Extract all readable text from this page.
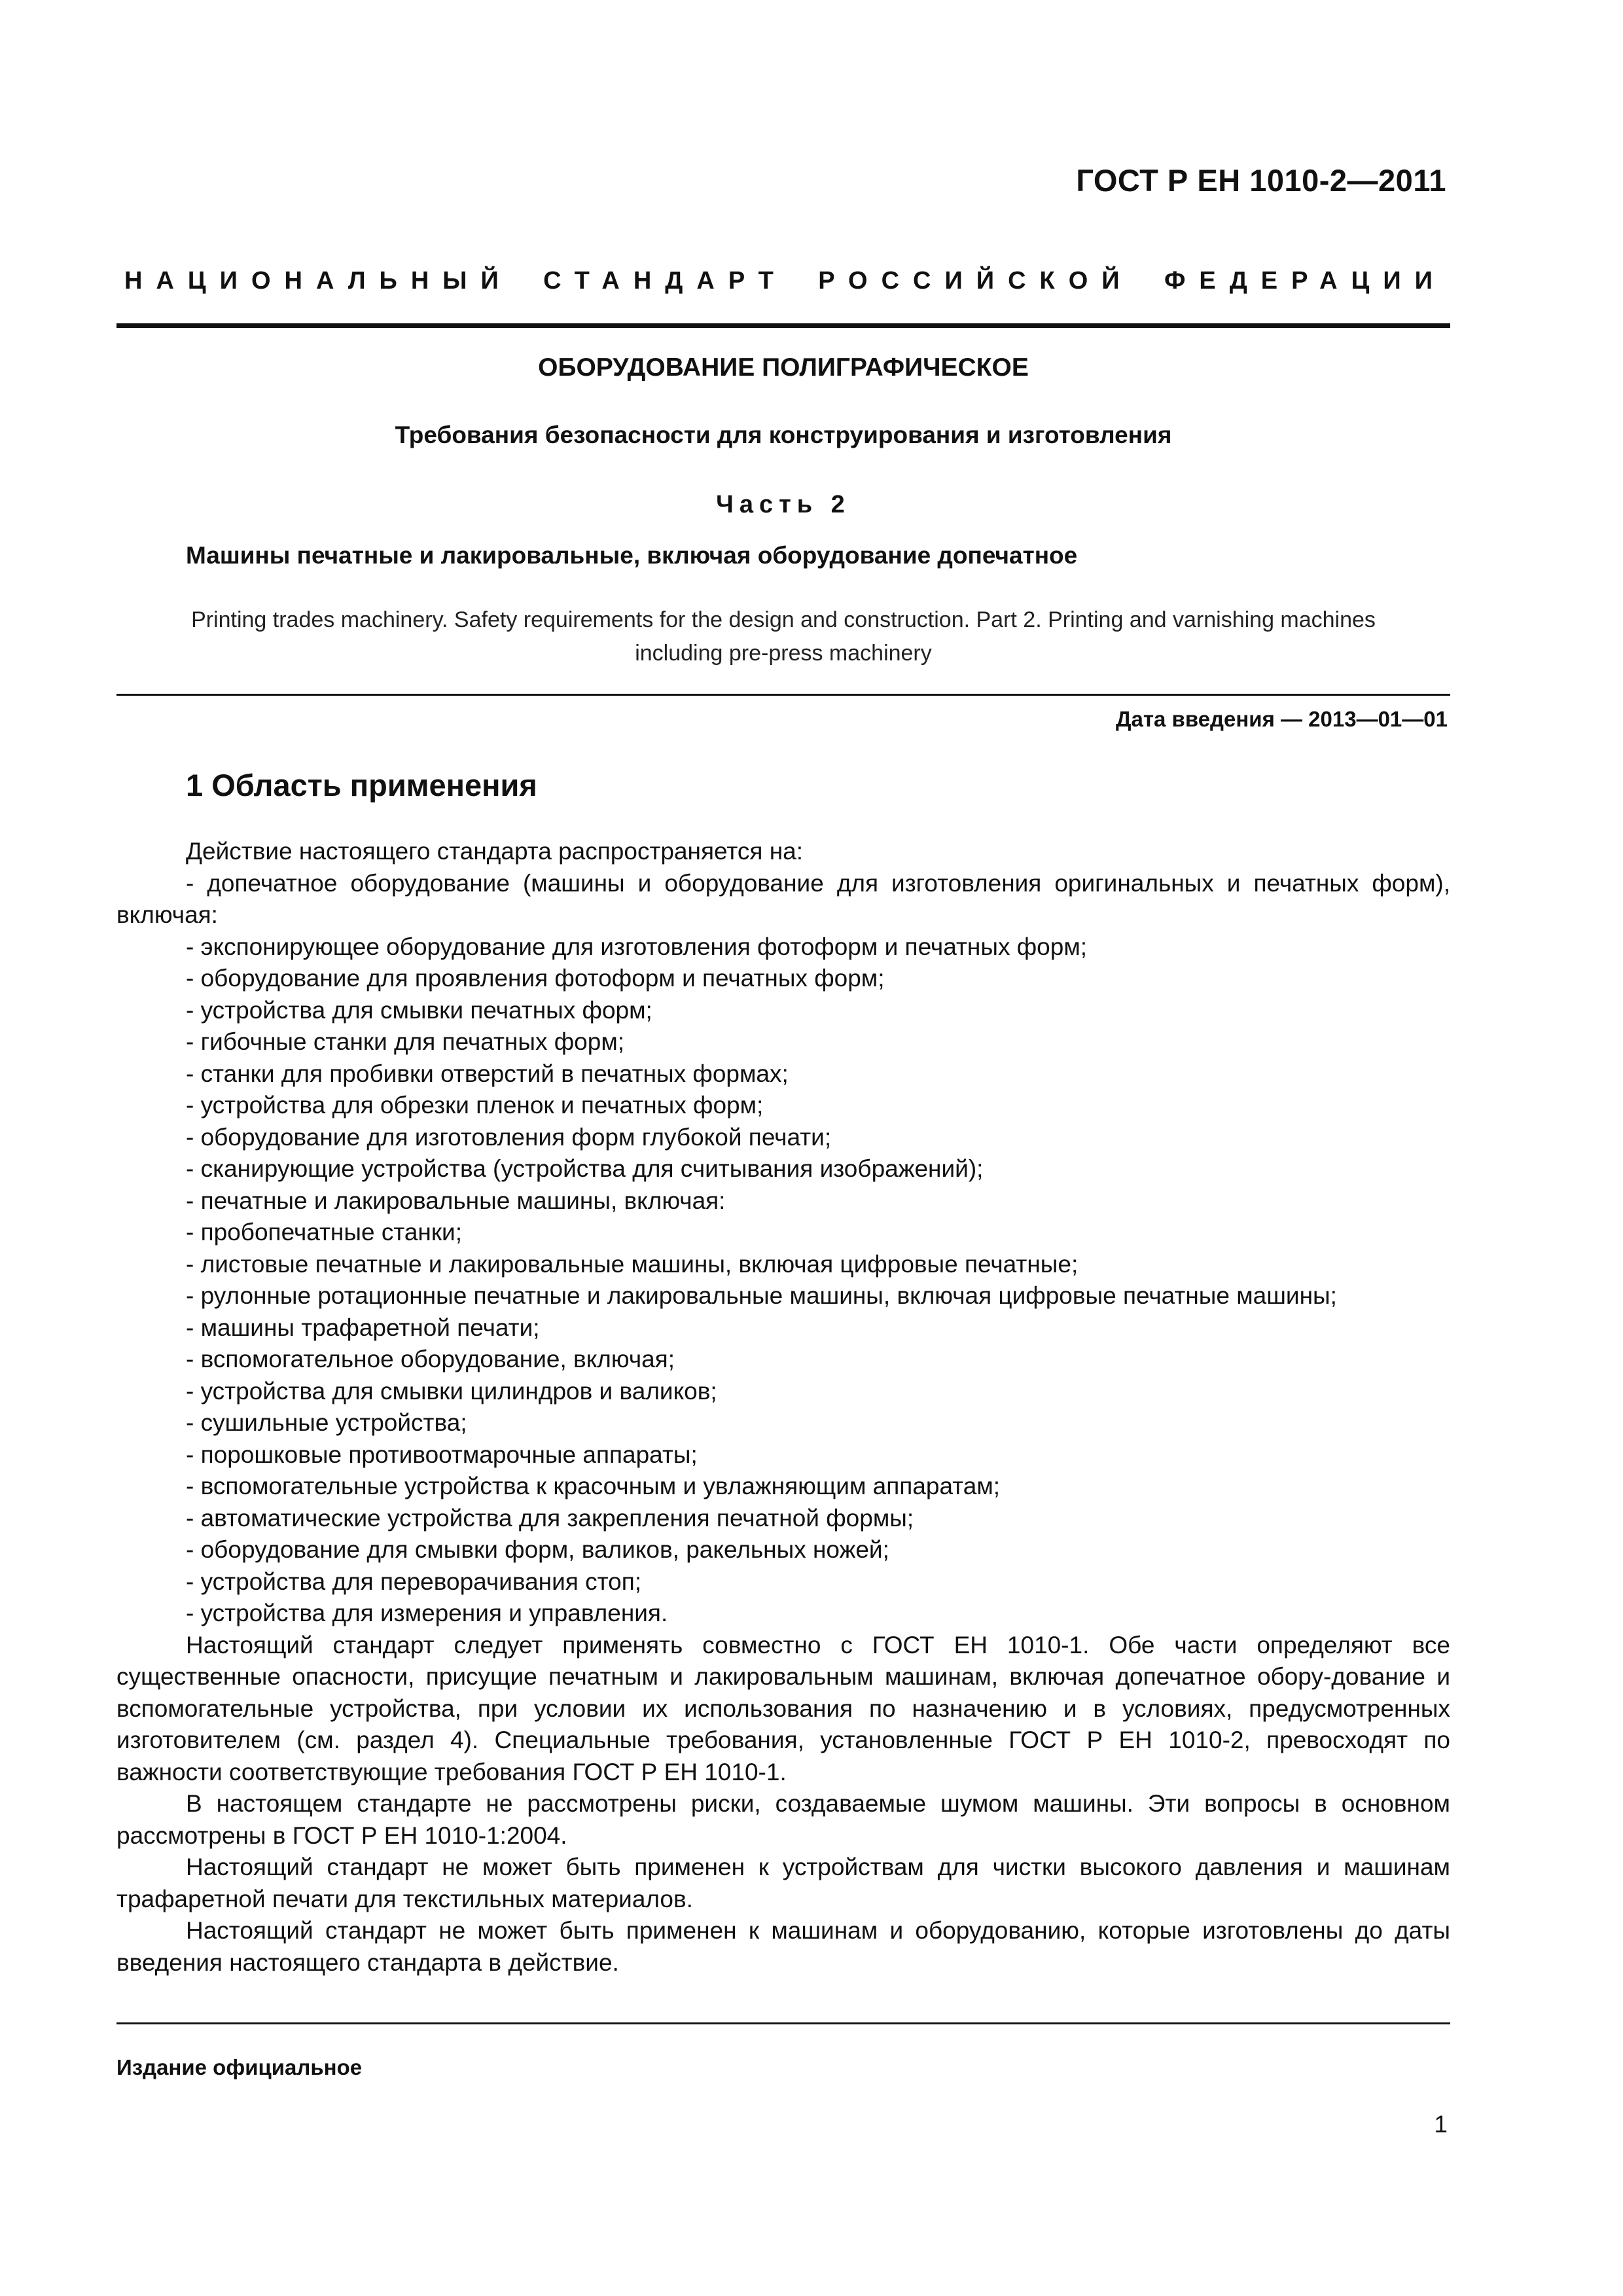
ГОСТ Р ЕН 1010-2—2011
НАЦИОНАЛЬНЫЙ СТАНДАРТ РОССИЙСКОЙ ФЕДЕРАЦИИ
ОБОРУДОВАНИЕ ПОЛИГРАФИЧЕСКОЕ
Требования безопасности для конструирования и изготовления
Часть 2
Машины печатные и лакировальные, включая оборудование допечатное
Printing trades machinery. Safety requirements for the design and construction. Part 2. Printing and varnishing machines
including pre-press machinery
Дата введения — 2013—01—01
1 Область применения

Действие настоящего стандарта распространяется на:

- допечатное оборудование (машины и оборудование для изготовления оригинальных и печатных форм), включая:

- экспонирующее оборудование для изготовления фотоформ и печатных форм;

- оборудование для проявления фотоформ и печатных форм;

- устройства для смывки печатных форм;

- гибочные станки для печатных форм;

- станки для пробивки отверстий в печатных формах;

- устройства для обрезки пленок и печатных форм;

- оборудование для изготовления форм глубокой печати;

- сканирующие устройства (устройства для считывания изображений);

- печатные и лакировальные машины, включая:

- пробопечатные станки;

- листовые печатные и лакировальные машины, включая цифровые печатные;

- рулонные ротационные печатные и лакировальные машины, включая цифровые печатные машины;

- машины трафаретной печати;

- вспомогательное оборудование, включая;

- устройства для смывки цилиндров и валиков;

- сушильные устройства;

- порошковые противоотмарочные аппараты;

- вспомогательные устройства к красочным и увлажняющим аппаратам;

- автоматические устройства для закрепления печатной формы;

- оборудование для смывки форм, валиков, ракельных ножей;

- устройства для переворачивания стоп;

- устройства для измерения и управления.

Настоящий стандарт следует применять совместно с ГОСТ ЕН 1010-1. Обе части определяют все существенные опасности, присущие печатным и лакировальным машинам, включая допечатное обору-дование и вспомогательные устройства, при условии их использования по назначению и в условиях, предусмотренных изготовителем (см. раздел 4). Специальные требования, установленные ГОСТ Р ЕН 1010-2, превосходят по важности соответствующие требования ГОСТ Р ЕН 1010-1.

В настоящем стандарте не рассмотрены риски, создаваемые шумом машины. Эти вопросы в основном рассмотрены в ГОСТ Р ЕН 1010-1:2004.

Настоящий стандарт не может быть применен к устройствам для чистки высокого давления и машинам трафаретной печати для текстильных материалов.

Настоящий стандарт не может быть применен к машинам и оборудованию, которые изготовлены до даты введения настоящего стандарта в действие.

Издание официальное
1
